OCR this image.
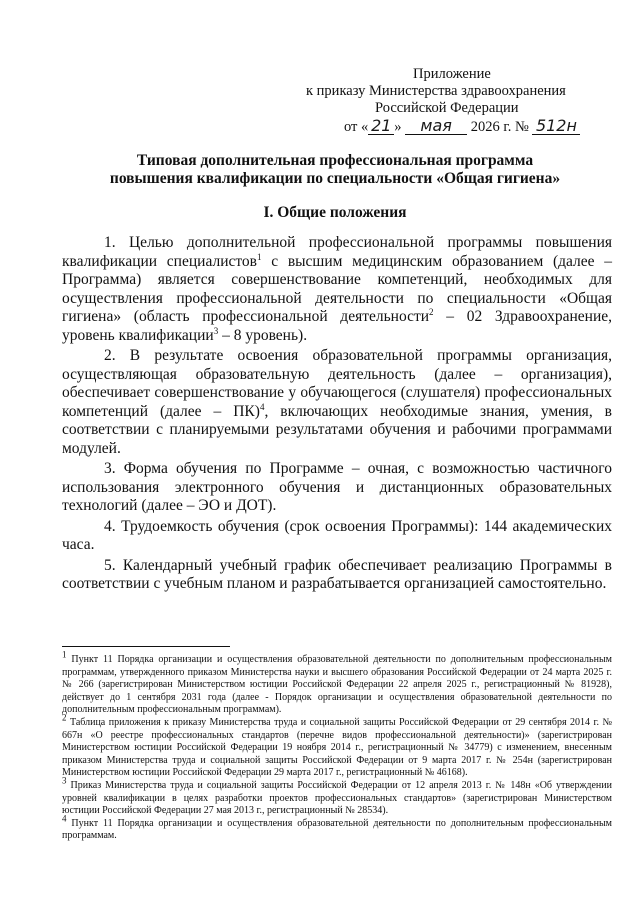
Приложение
к приказу Министерства здравоохранения
Российской Федерации
от « 21 » мая 2026 г. № 512н
Типовая дополнительная профессиональная программа
повышения квалификации по специальности «Общая гигиена»
I. Общие положения

1. Целью дополнительной профессиональной программы повышения квалификации специалистов$^1$ с высшим медицинским образованием (далее – Программа) является совершенствование компетенций, необходимых для осуществления профессиональной деятельности по специальности «Общая гигиена» (область профессиональной деятельности$^2$ – 02 Здравоохранение, уровень квалификации$^3$ – 8 уровень).

2. В результате освоения образовательной программы организация, осуществляющая образовательную деятельность (далее – организация), обеспечивает совершенствование у обучающегося (слушателя) профессиональных компетенций (далее – ПК)$^4$, включающих необходимые знания, умения, в соответствии с планируемыми результатами обучения и рабочими программами модулей.

3. Форма обучения по Программе – очная, с возможностью частичного использования электронного обучения и дистанционных образовательных технологий (далее – ЭО и ДОТ).

4. Трудоемкость обучения (срок освоения Программы): 144 академических часа.

5. Календарный учебный график обеспечивает реализацию Программы в соответствии с учебным планом и разрабатывается организацией самостоятельно.

$^1$ Пункт 11 Порядка организации и осуществления образовательной деятельности по дополнительным профессиональным программам, утвержденного приказом Министерства науки и высшего образования Российской Федерации от 24 марта 2025 г. № 266 (зарегистрирован Министерством юстиции Российской Федерации 22 апреля 2025 г., регистрационный № 81928), действует до 1 сентября 2031 года (далее - Порядок организации и осуществления образовательной деятельности по дополнительным профессиональным программам).

$^2$ Таблица приложения к приказу Министерства труда и социальной защиты Российской Федерации от 29 сентября 2014 г. № 667н «О реестре профессиональных стандартов (перечне видов профессиональной деятельности)» (зарегистрирован Министерством юстиции Российской Федерации 19 ноября 2014 г., регистрационный № 34779) с изменением, внесенным приказом Министерства труда и социальной защиты Российской Федерации от 9 марта 2017 г. № 254н (зарегистрирован Министерством юстиции Российской Федерации 29 марта 2017 г., регистрационный № 46168).

$^3$ Приказ Министерства труда и социальной защиты Российской Федерации от 12 апреля 2013 г. № 148н «Об утверждении уровней квалификации в целях разработки проектов профессиональных стандартов» (зарегистрирован Министерством юстиции Российской Федерации 27 мая 2013 г., регистрационный № 28534).

$^4$ Пункт 11 Порядка организации и осуществления образовательной деятельности по дополнительным профессиональным программам.
